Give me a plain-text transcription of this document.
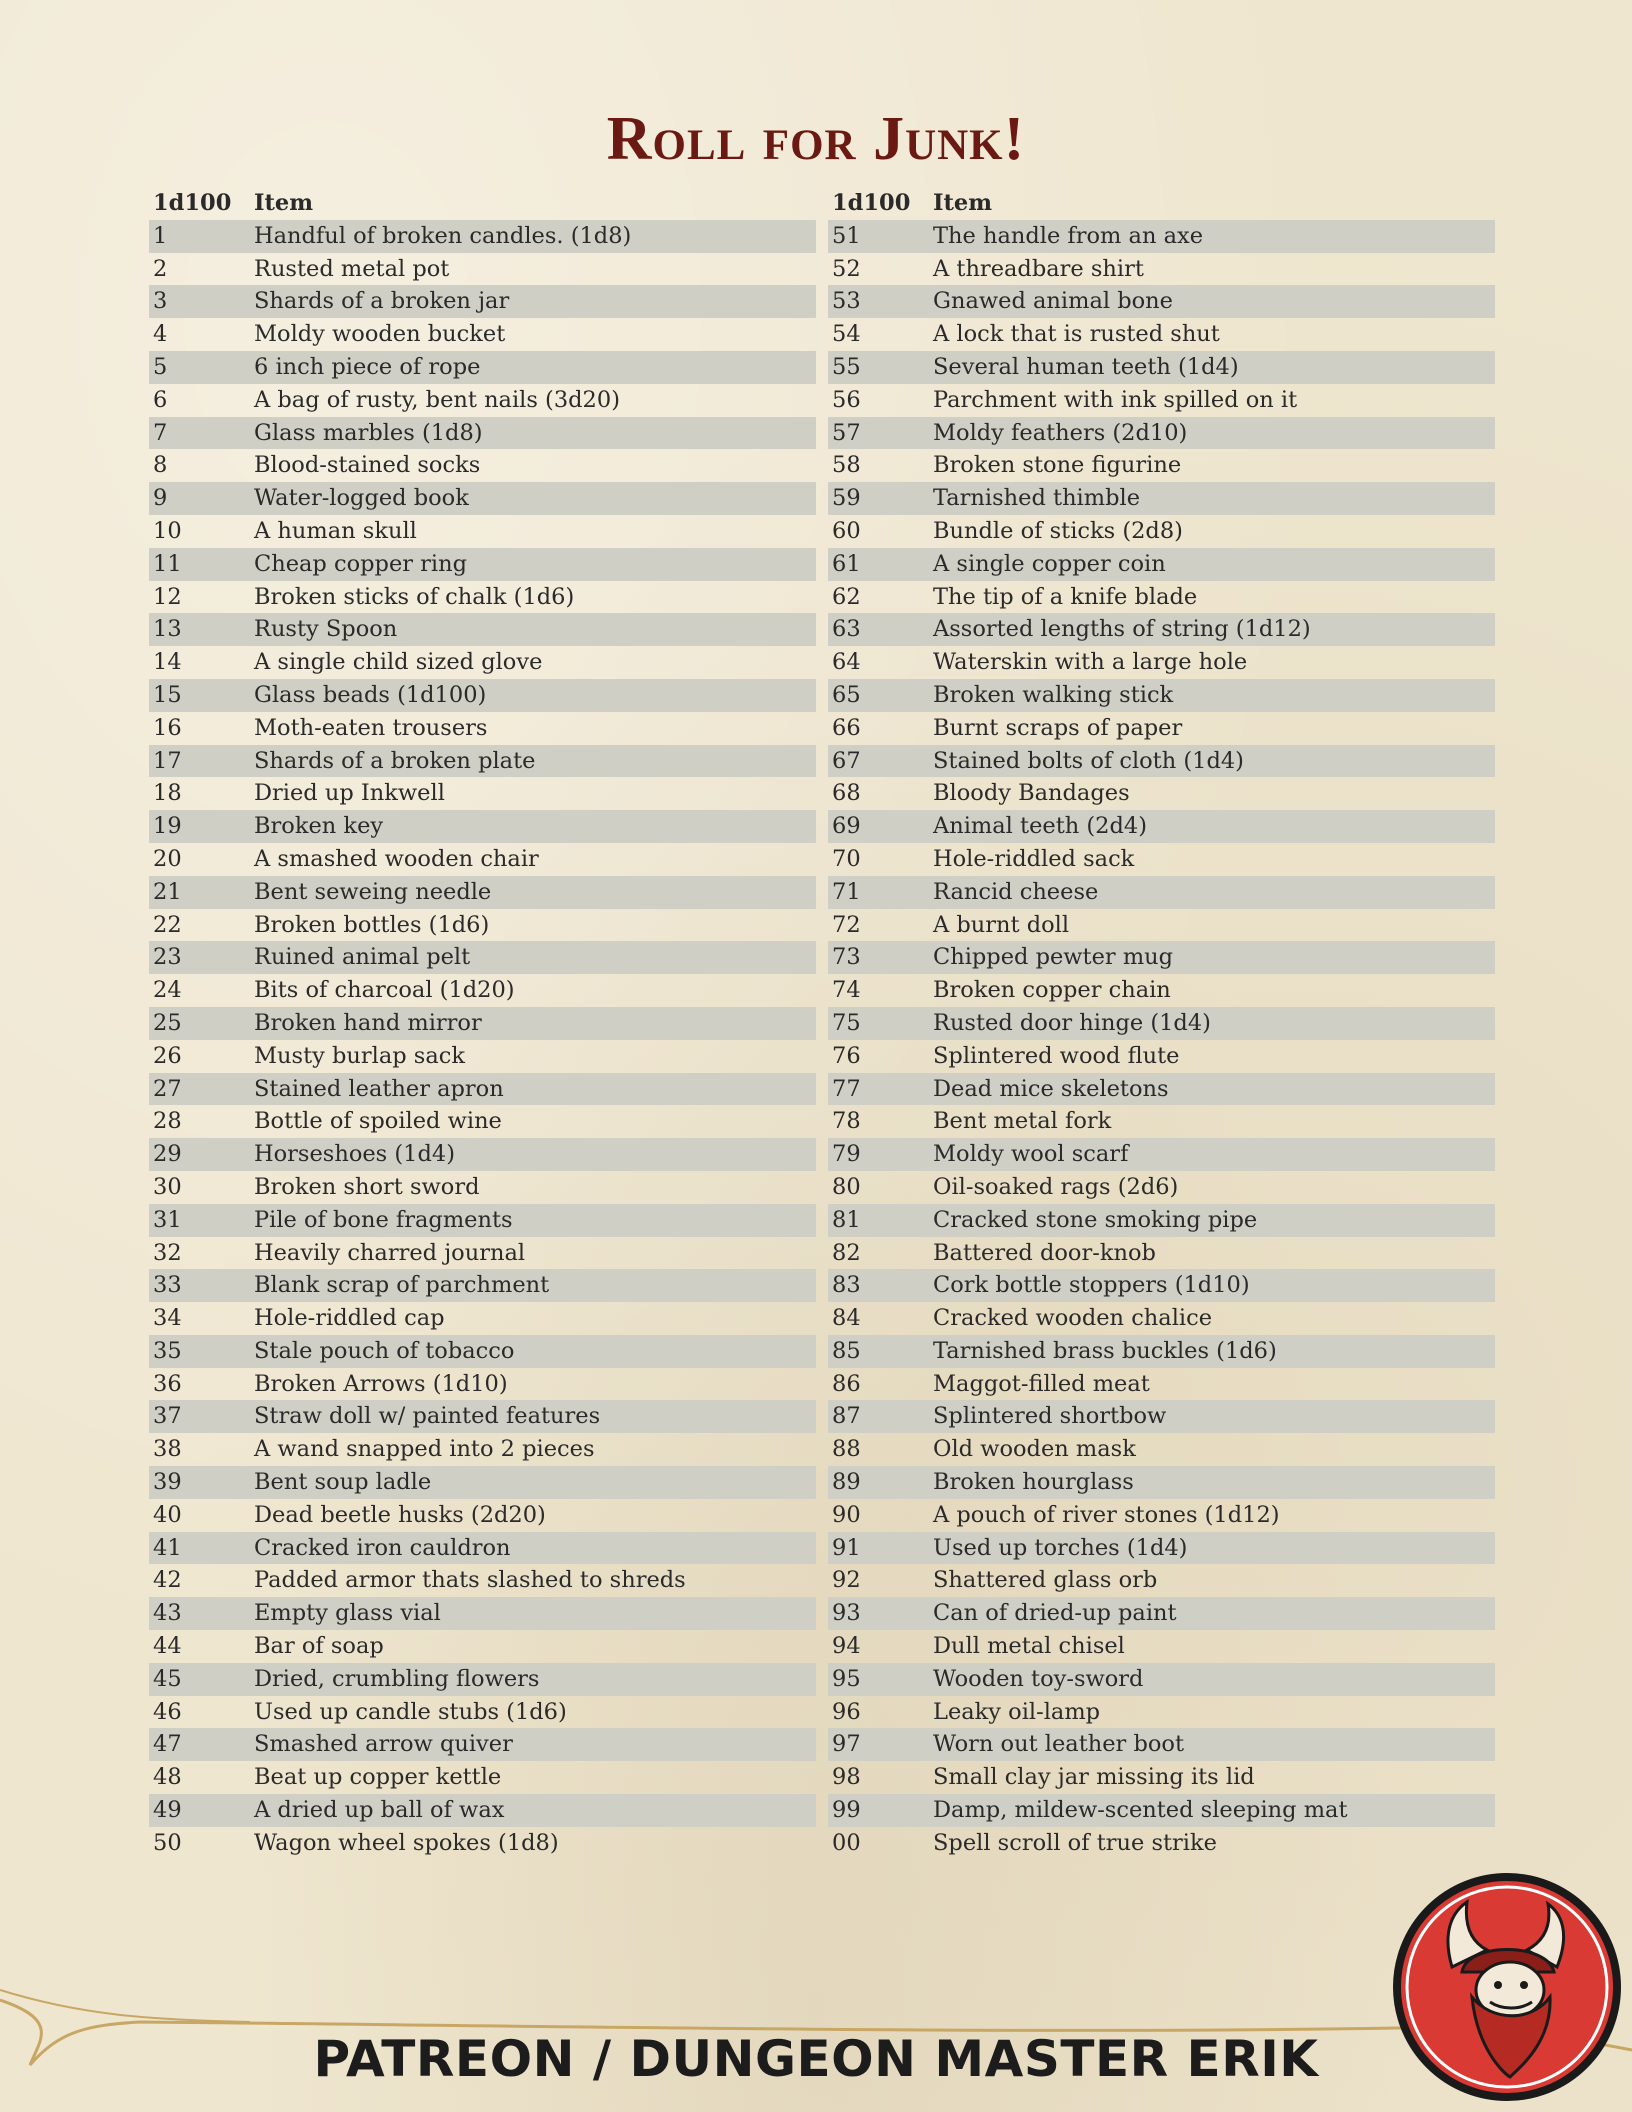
Roll for Junk!
1d100	Item
1	Handful of broken candles. (1d8)
2	Rusted metal pot
3	Shards of a broken jar
4	Moldy wooden bucket
5	6 inch piece of rope
6	A bag of rusty, bent nails (3d20)
7	Glass marbles (1d8)
8	Blood-stained socks
9	Water-logged book
10	A human skull
11	Cheap copper ring
12	Broken sticks of chalk (1d6)
13	Rusty Spoon
14	A single child sized glove
15	Glass beads (1d100)
16	Moth-eaten trousers
17	Shards of a broken plate
18	Dried up Inkwell
19	Broken key
20	A smashed wooden chair
21	Bent seweing needle
22	Broken bottles (1d6)
23	Ruined animal pelt
24	Bits of charcoal (1d20)
25	Broken hand mirror
26	Musty burlap sack
27	Stained leather apron
28	Bottle of spoiled wine
29	Horseshoes (1d4)
30	Broken short sword
31	Pile of bone fragments
32	Heavily charred journal
33	Blank scrap of parchment
34	Hole-riddled cap
35	Stale pouch of tobacco
36	Broken Arrows (1d10)
37	Straw doll w/ painted features
38	A wand snapped into 2 pieces
39	Bent soup ladle
40	Dead beetle husks (2d20)
41	Cracked iron cauldron
42	Padded armor thats slashed to shreds
43	Empty glass vial
44	Bar of soap
45	Dried, crumbling flowers
46	Used up candle stubs (1d6)
47	Smashed arrow quiver
48	Beat up copper kettle
49	A dried up ball of wax
50	Wagon wheel spokes (1d8)
1d100	Item
51	The handle from an axe
52	A threadbare shirt
53	Gnawed animal bone
54	A lock that is rusted shut
55	Several human teeth (1d4)
56	Parchment with ink spilled on it
57	Moldy feathers (2d10)
58	Broken stone figurine
59	Tarnished thimble
60	Bundle of sticks (2d8)
61	A single copper coin
62	The tip of a knife blade
63	Assorted lengths of string (1d12)
64	Waterskin with a large hole
65	Broken walking stick
66	Burnt scraps of paper
67	Stained bolts of cloth (1d4)
68	Bloody Bandages
69	Animal teeth (2d4)
70	Hole-riddled sack
71	Rancid cheese
72	A burnt doll
73	Chipped pewter mug
74	Broken copper chain
75	Rusted door hinge (1d4)
76	Splintered wood flute
77	Dead mice skeletons
78	Bent metal fork
79	Moldy wool scarf
80	Oil-soaked rags (2d6)
81	Cracked stone smoking pipe
82	Battered door-knob
83	Cork bottle stoppers (1d10)
84	Cracked wooden chalice
85	Tarnished brass buckles (1d6)
86	Maggot-filled meat
87	Splintered shortbow
88	Old wooden mask
89	Broken hourglass
90	A pouch of river stones (1d12)
91	Used up torches (1d4)
92	Shattered glass orb
93	Can of dried-up paint
94	Dull metal chisel
95	Wooden toy-sword
96	Leaky oil-lamp
97	Worn out leather boot
98	Small clay jar missing its lid
99	Damp, mildew-scented sleeping mat
00	Spell scroll of true strike
PATREON / DUNGEON MASTER ERIK
